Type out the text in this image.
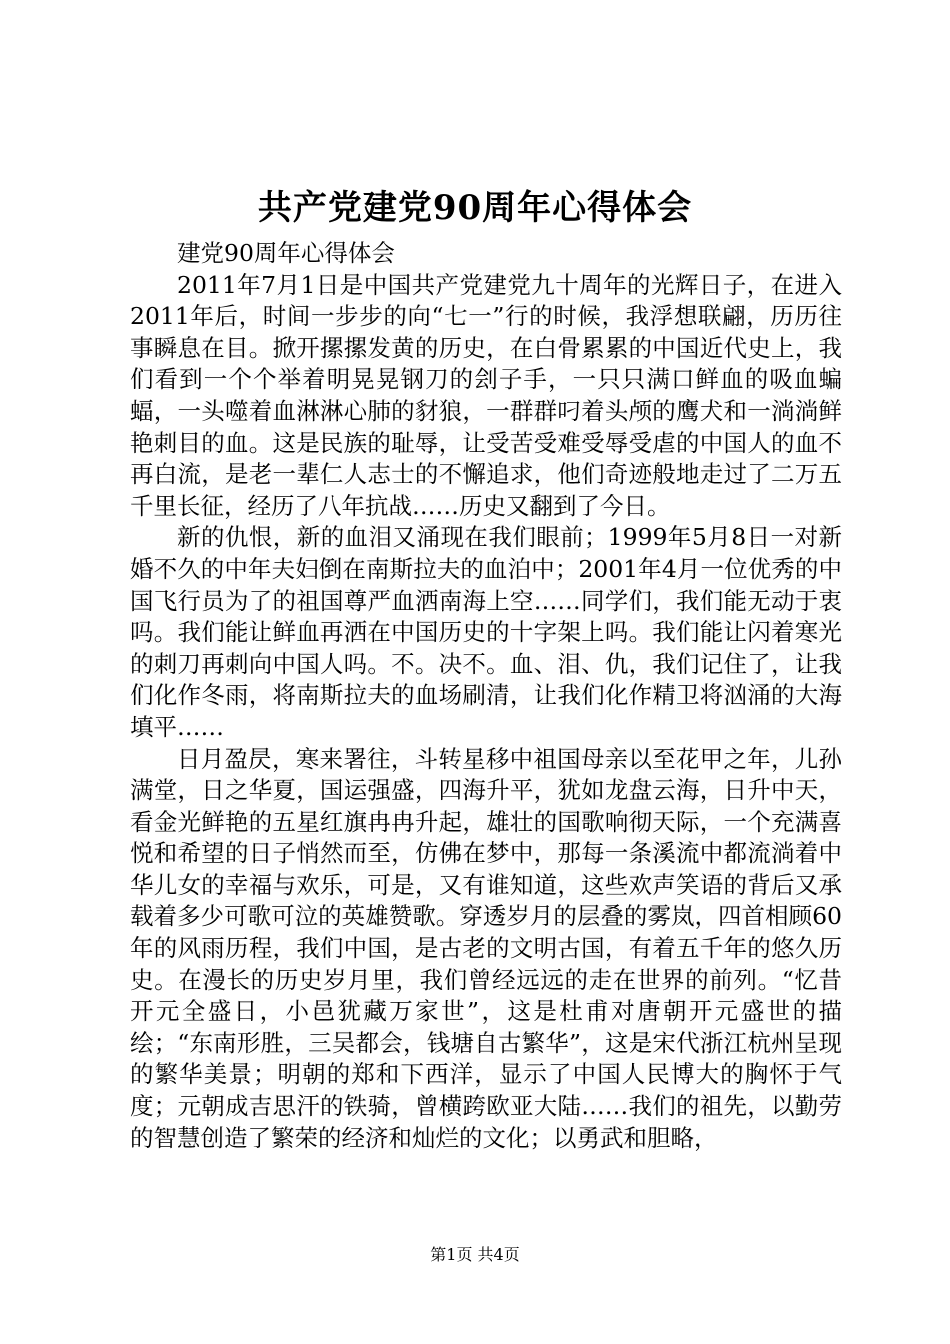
共产党建党90周年心得体会

建党90周年心得体会

2011年7月1日是中国共产党建党九十周年的光辉日子，在进入2011年后，时间一步步的向“七一”行的时候，我浮想联翩，历历往事瞬息在目。掀开摞摞发黄的历史，在白骨累累的中国近代史上，我们看到一个个举着明晃晃钢刀的刽子手，一只只满口鲜血的吸血蝙蝠，一头噬着血淋淋心肺的豺狼，一群群叼着头颅的鹰犬和一淌淌鲜艳刺目的血。这是民族的耻辱，让受苦受难受辱受虐的中国人的血不再白流，是老一辈仁人志士的不懈追求，他们奇迹般地走过了二万五千里长征，经历了八年抗战……历史又翻到了今日。

新的仇恨，新的血泪又涌现在我们眼前；1999年5月8日一对新婚不久的中年夫妇倒在南斯拉夫的血泊中；2001年4月一位优秀的中国飞行员为了的祖国尊严血洒南海上空……同学们，我们能无动于衷吗。我们能让鲜血再洒在中国历史的十字架上吗。我们能让闪着寒光的刺刀再刺向中国人吗。不。决不。血、泪、仇，我们记住了，让我们化作冬雨，将南斯拉夫的血场刷清，让我们化作精卫将汹涌的大海填平……

日月盈昃，寒来署往，斗转星移中祖国母亲以至花甲之年，儿孙满堂，日之华夏，国运强盛，四海升平，犹如龙盘云海，日升中天，看金光鲜艳的五星红旗冉冉升起，雄壮的国歌响彻天际，一个充满喜悦和希望的日子悄然而至，仿佛在梦中，那每一条溪流中都流淌着中华儿女的幸福与欢乐，可是，又有谁知道，这些欢声笑语的背后又承载着多少可歌可泣的英雄赞歌。穿透岁月的层叠的雾岚，四首相顾60年的风雨历程，我们中国，是古老的文明古国，有着五千年的悠久历史。在漫长的历史岁月里，我们曾经远远的走在世界的前列。“忆昔开元全盛日，小邑犹藏万家世”，这是杜甫对唐朝开元盛世的描绘；“东南形胜，三吴都会，钱塘自古繁华”，这是宋代浙江杭州呈现的繁华美景；明朝的郑和下西洋，显示了中国人民博大的胸怀于气度；元朝成吉思汗的铁骑，曾横跨欧亚大陆……我们的祖先，以勤劳的智慧创造了繁荣的经济和灿烂的文化；以勇武和胆略，

第1页 共4页
